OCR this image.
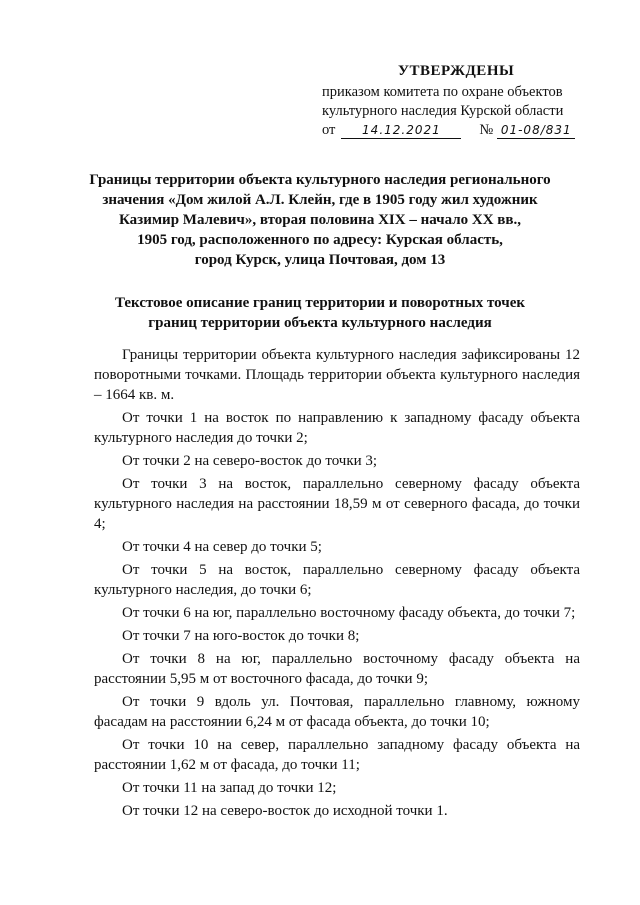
УТВЕРЖДЕНЫ
приказом комитета по охране объектов
культурного наследия Курской области
от	14.12.2021	№ 01-08/831
Границы территории объекта культурного наследия регионального
значения «Дом жилой А.Л. Клейн, где в 1905 году жил художник
Казимир Малевич», вторая половина XIX – начало XX вв.,
1905 год, расположенного по адресу: Курская область,
город Курск, улица Почтовая, дом 13
Текстовое описание границ территории и поворотных точек
границ территории объекта культурного наследия

Границы территории объекта культурного наследия зафиксированы 12 поворотными точками. Площадь территории объекта культурного наследия – 1664 кв. м.

От точки 1 на восток по направлению к западному фасаду объекта культурного наследия до точки 2;

От точки 2 на северо-восток до точки 3;

От точки 3 на восток, параллельно северному фасаду объекта культурного наследия на расстоянии 18,59 м от северного фасада, до точки 4;

От точки 4 на север до точки 5;

От точки 5 на восток, параллельно северному фасаду объекта культурного наследия, до точки 6;

От точки 6 на юг, параллельно восточному фасаду объекта, до точки 7;

От точки 7 на юго-восток до точки 8;

От точки 8 на юг, параллельно восточному фасаду объекта на расстоянии 5,95 м от восточного фасада, до точки 9;

От точки 9 вдоль ул. Почтовая, параллельно главному, южному фасадам на расстоянии 6,24 м от фасада объекта, до точки 10;

От точки 10 на север, параллельно западному фасаду объекта на расстоянии 1,62 м от фасада, до точки 11;

От точки 11 на запад до точки 12;

От точки 12 на северо-восток до исходной точки 1.
